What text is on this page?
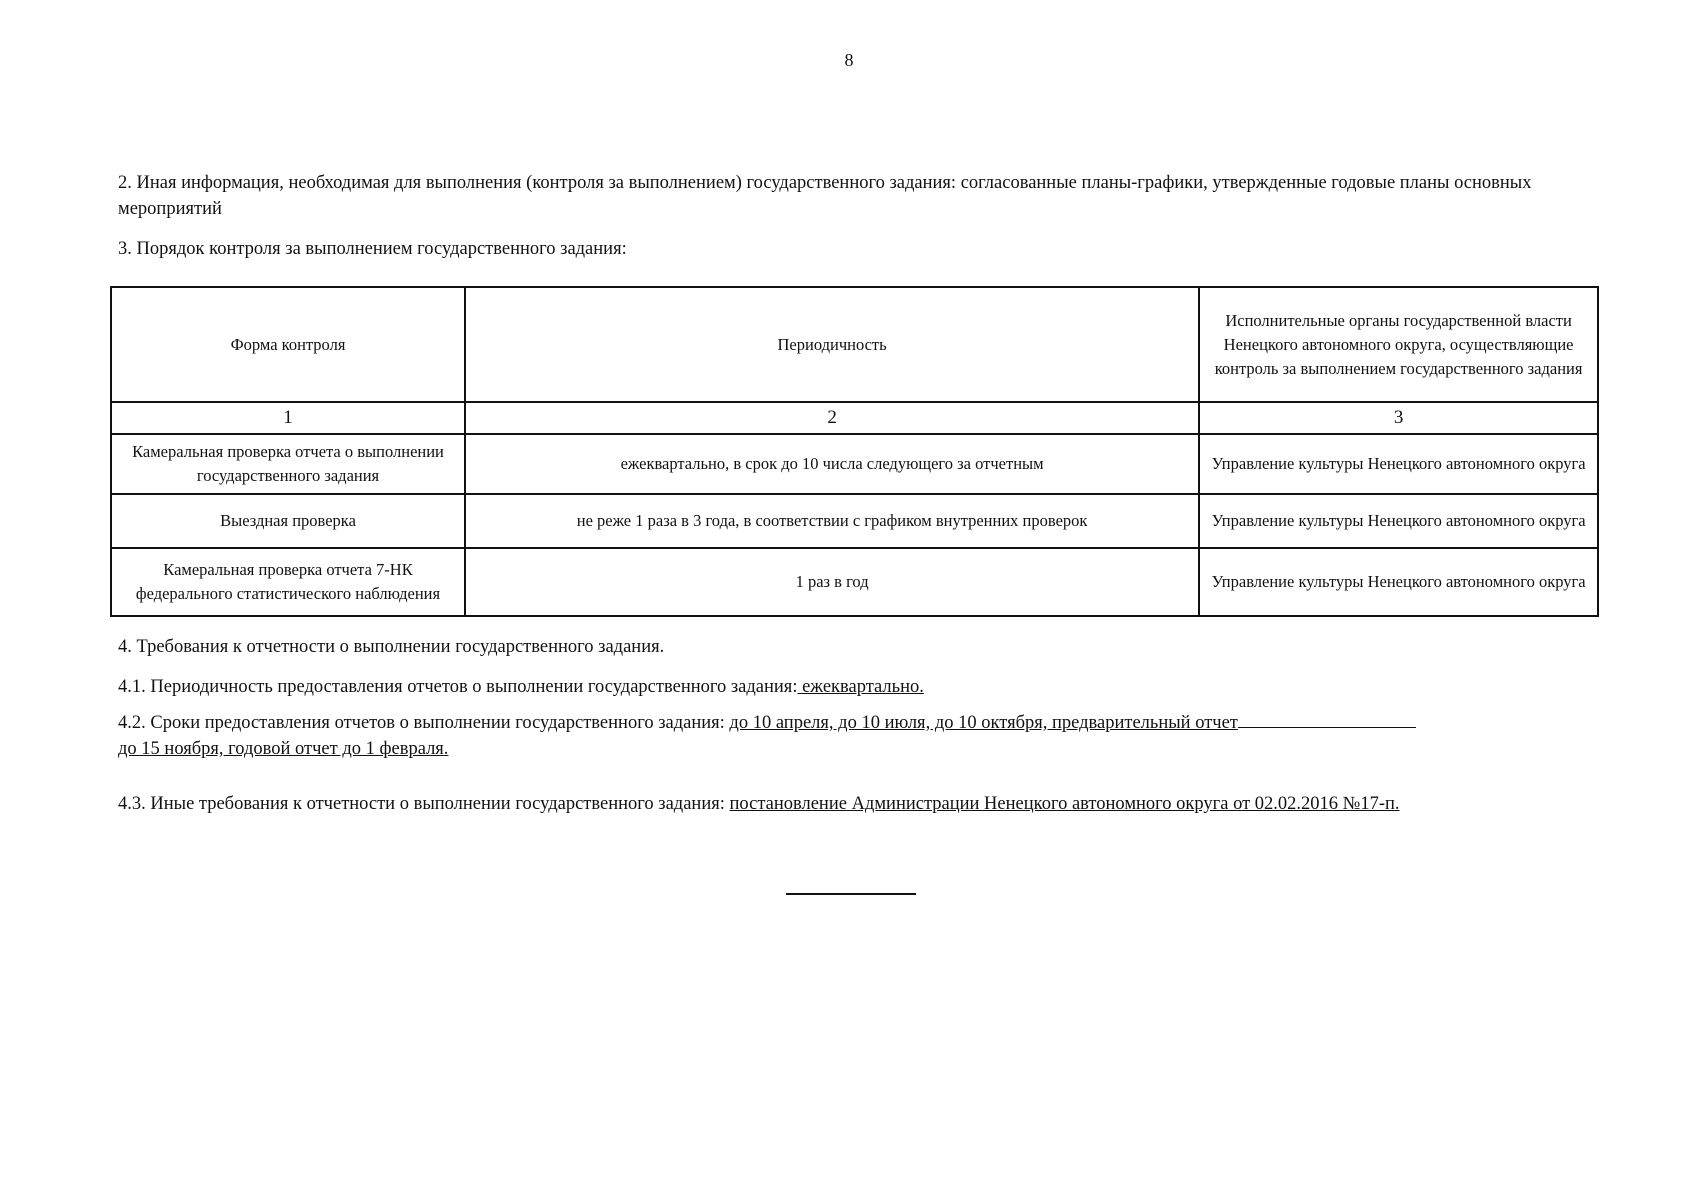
8
2. Иная информация, необходимая для выполнения (контроля за выполнением) государственного задания: согласованные планы-графики, утвержденные годовые планы основных мероприятий
3. Порядок контроля за выполнением государственного задания:
Форма контроля	Периодичность	Исполнительные органы государственной власти Ненецкого автономного округа, осуществляющие контроль за выполнением государственного задания
1	2	3
Камеральная проверка отчета о выполнении государственного задания	ежеквартально, в срок до 10 числа следующего за отчетным	Управление культуры Ненецкого автономного округа
Выездная проверка	не реже 1 раза в 3 года, в соответствии с графиком внутренних проверок	Управление культуры Ненецкого автономного округа
Камеральная проверка отчета 7-НК федерального статистического наблюдения	1 раз в год	Управление культуры Ненецкого автономного округа
4. Требования к отчетности о выполнении государственного задания.
4.1. Периодичность предоставления отчетов о выполнении государственного задания: ежеквартально.
4.2. Сроки предоставления отчетов о выполнении государственного задания: до 10 апреля, до 10 июля, до 10 октября, предварительный отчет
до 15 ноября, годовой отчет до 1 февраля.
4.3. Иные требования к отчетности о выполнении государственного задания: постановление Администрации Ненецкого автономного округа от 02.02.2016 №17-п.
